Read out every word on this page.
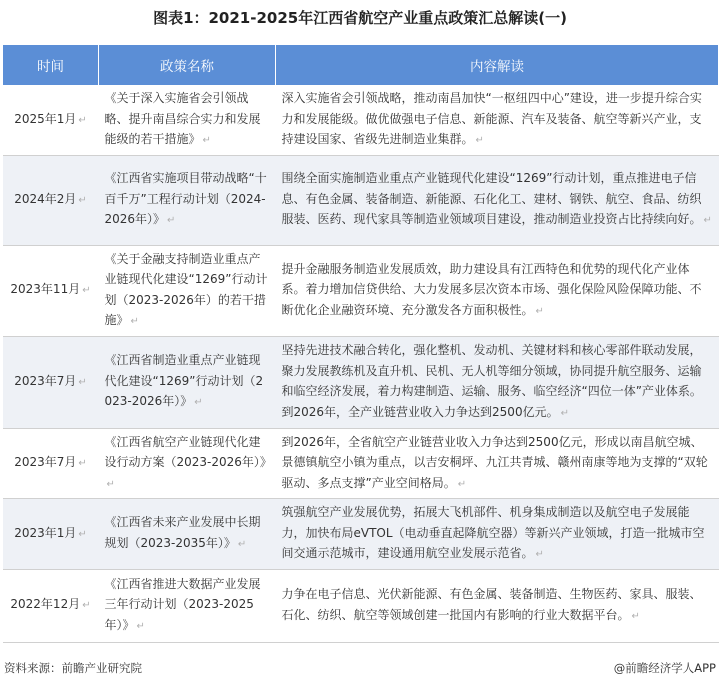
图表1：2021-2025年江西省航空产业重点政策汇总解读(一)
时间	政策名称	内容解读
2025年1月 ↵	《关于深入实施省会引领战略、提升南昌综合实力和发展能级的若干措施》 ↵	深入实施省会引领战略，推动南昌加快“一枢纽四中心”建设，进一步提升综合实力和发展能级。做优做强电子信息、新能源、汽车及装备、航空等新兴产业，支持建设国家、省级先进制造业集群。 ↵
2024年2月 ↵	《江西省实施项目带动战略“十百千万”工程行动计划（2024-2026年）》 ↵	围绕全面实施制造业重点产业链现代化建设“1269”行动计划，重点推进电子信息、有色金属、装备制造、新能源、石化化工、建材、钢铁、航空、食品、纺织服装、医药、现代家具等制造业领域项目建设，推动制造业投资占比持续向好。 ↵
2023年11月 ↵	《关于金融支持制造业重点产业链现代化建设“1269”行动计划（2023-2026年）的若干措施》 ↵	提升金融服务制造业发展质效，助力建设具有江西特色和优势的现代化产业体系。着力增加信贷供给、大力发展多层次资本市场、强化保险风险保障功能、不断优化企业融资环境、充分激发各方面积极性。 ↵
2023年7月 ↵	《江西省制造业重点产业链现代化建设“1269”行动计划（2023-2026年）》 ↵	坚持先进技术融合转化，强化整机、发动机、关键材料和核心零部件联动发展，聚力发展教练机及直升机、民机、无人机等细分领域，协同提升航空服务、运输和临空经济发展，着力构建制造、运输、服务、临空经济“四位一体”产业体系。到2026年，全产业链营业收入力争达到2500亿元。 ↵
2023年7月 ↵	《江西省航空产业链现代化建设行动方案（2023-2026年）》↵	到2026年，全省航空产业链营业收入力争达到2500亿元，形成以南昌航空城、景德镇航空小镇为重点，以吉安桐坪、九江共青城、赣州南康等地为支撑的“双轮驱动、多点支撑”产业空间格局。 ↵
2023年1月 ↵	《江西省未来产业发展中长期规划（2023-2035年）》 ↵	筑强航空产业发展优势，拓展大飞机部件、机身集成制造以及航空电子发展能力，加快布局eVTOL（电动垂直起降航空器）等新兴产业领域，打造一批城市空间交通示范城市，建设通用航空业发展示范省。 ↵
2022年12月 ↵	《江西省推进大数据产业发展三年行动计划（2023-2025年）》 ↵	力争在电子信息、光伏新能源、有色金属、装备制造、生物医药、家具、服装、石化、纺织、航空等领域创建一批国内有影响的行业大数据平台。 ↵
资料来源：前瞻产业研究院	@前瞻经济学人APP
